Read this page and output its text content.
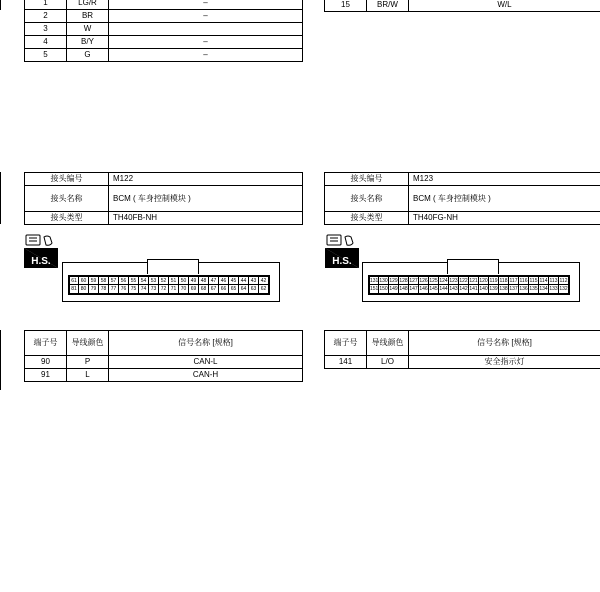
1	LG/R	–
2	BR	–
3	W	
4	B/Y	–
5	G	–
15	BR/W	W/L
接头编号	M122
接头名称	BCM ( 车身控制模块 )
接头类型	TH40FB-NH
接头编号	M123
接头名称	BCM ( 车身控制模块 )
接头类型	TH40FG-NH
H.S.	H.S.
61 60 59 58 57 56 55 54 53 52 51 50 49 48 47 46 45 44 43 42
81 80 79 78 77 76 75 74 73 72 71 70 69 68 67 66 65 64 63 62
131 130 129 128 127 126 125 124 123 122 121 120 119 118 117 116 115 114 113 112
151 150 149 148 147 146 145 144 143 142 141 140 139 138 137 136 135 134 133 132
端子号	导线颜色	信号名称 [规格]
90	P	CAN-L
91	L	CAN-H
端子号	导线颜色	信号名称 [规格]
141	L/O	安全指示灯
